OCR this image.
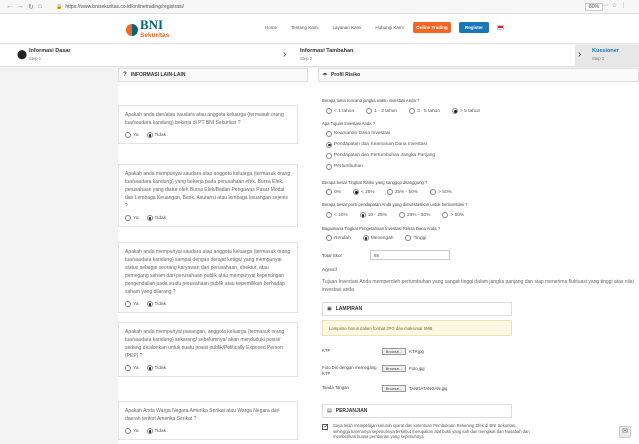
← → ↻ ⌂	🔒 https://www.bnisekuritas.co.id/onlinetrading/registrasi/	80% ⋯ ☆ ⋮
BNI
Sekuritas
Home	Tentang Kami	Layanan Kami	Hubungi Kami	Online Trading	Register
⬤ Informasi Dasar
Step 1	› Informasi Tambahan
Step 2	› Kuesioner
Step 3
? INFORMASI LAIN-LAIN
Apakah anda dan/atau saudara atau anggota keluarga (termasuk orang tua/saudara kandung) bekerja di PT BNI Sekuritas ?
Ya	Tidak
Apakah anda mempunyai saudara atau anggota keluarga (termasuk orang tua/saudara kandung) yang bekerja pada perusahaan efek, Bursa Efek, perusahaan yang diatur oleh Bursa Efek/Badan Pengawas Pasar Modal dan Lembaga Keuangan, Bank, Asuransi atau lembaga keuangan sejenis ?
Ya	Tidak
Apakah anda mempunyai saudara atau anggota keluarga (termasuk orang tua/saudara kandung) sampai dengan derajat ketiga/ yang mempunyai status sebagai seorang karyawan dari perusahaan, direktur, atau pemegang saham dari perusahaan publik atau mempunyai kepentingan pengendalian pada suatu perusahaan publik atau kepemilikan berhadap saham yang dilarang ?
Ya	Tidak
Apakah anda mempunyai pasangan, anggota keluarga (termasuk orang tua/saudara kandung) sekarang/ sebelumnya/ akan menduduki posisi/ sedang dicalonkan untuk suatu posisi publik/Politically Exposed Person (PEP) ?
Ya	Tidak
Apakah Anda Warga Negara Amerika Serikat atau Warga Negara dari daerah teritori Amerika Serikat ?
Ya	Tidak
☂ Profil Risiko
Berapa lama rencana jangka waktu investasi Anda ?
< 1 tahun	1 - 3 tahun	3 - 5 tahun	> 5 tahun
Apa Tujuan Investasi Anda ?
Keamanan Dana Investasi
Pendapatan dan Keamanan Dana Investasi
Pendapatan dan Pertumbuhan Jangka Panjang
Pertumbuhan
Berapa besar Tingkat Risiko yang sanggup ditanggung ?
0%	< 25%	25% - 50%	> 50%
Berapa besar porsi pendapatan Anda yang diinvestasikan untuk berinvestasi ?
< 10%	10 - 25%	26% - 50%	> 50%
Bagaimana Tingkat Pengetahuan Investasi Reksa Dana Anda ?
Rendah	Menengah	Tinggi
Total Skor	65
Agresif
Tujuan Investasi Anda memperoleh pertumbuhan yang sangat tinggi dalam jangka panjang dan siap menerima fluktuasi yang tinggi atas nilai investasi anda
▣ LAMPIRAN
Lampiran harus dalam format JPG dan maksimal 5MB
KTP	Browse...	KTP.jpg
Foto Diri dengan memegang KTP
Browse...	Foto.jpg
Tanda Tangan	Browse...	TANDATANGAN.jpg
▤ PERJANJIAN
✓
Saya telah mempelajari seluruh syarat dan ketentuan Pembukaan Rekening Efek di BNI Sekuritas, sehingga karenanya sepenuhnya tersebut merupakan alat bukti yang sah dan mengikat dan Nasabah dan memberikan kuasa pemberian yang sepenuhnya
✉
